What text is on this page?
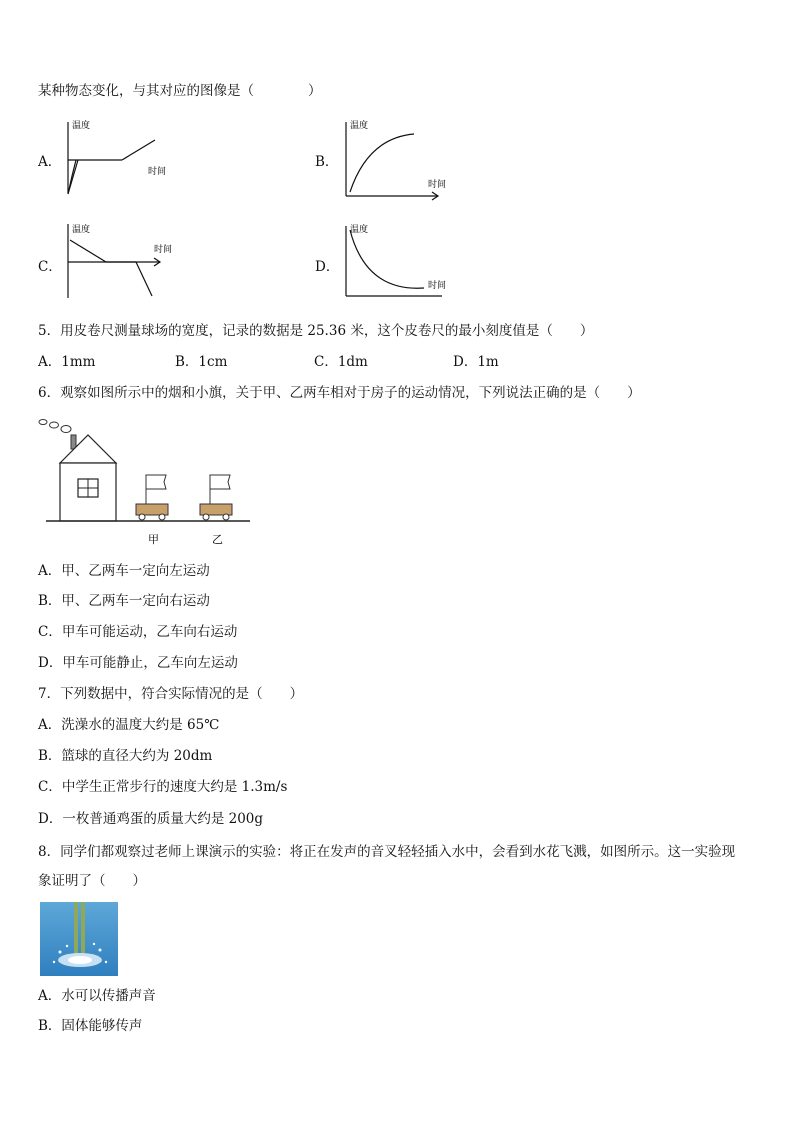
某种物态变化，与其对应的图像是（　　　　）
A．
温度
时间
B．
温度
时间
C．
温度
时间
D．
温度
时间
5．用皮卷尺测量球场的宽度，记录的数据是 25.36 米，这个皮卷尺的最小刻度值是（　　）
A．1mm	B．1cm	C．1dm	D．1m
6．观察如图所示中的烟和小旗，关于甲、乙两车相对于房子的运动情况，下列说法正确的是（　　）
甲	乙
A．甲、乙两车一定向左运动
B．甲、乙两车一定向右运动
C．甲车可能运动，乙车向右运动
D．甲车可能静止，乙车向左运动
7．下列数据中，符合实际情况的是（　　）
A．洗澡水的温度大约是 65℃
B．篮球的直径大约为 20dm
C．中学生正常步行的速度大约是 1.3m/s
D．一枚普通鸡蛋的质量大约是 200g
8．同学们都观察过老师上课演示的实验：将正在发声的音叉轻轻插入水中，会看到水花飞溅，如图所示。这一实验现
象证明了（　　）
A．水可以传播声音
B．固体能够传声
